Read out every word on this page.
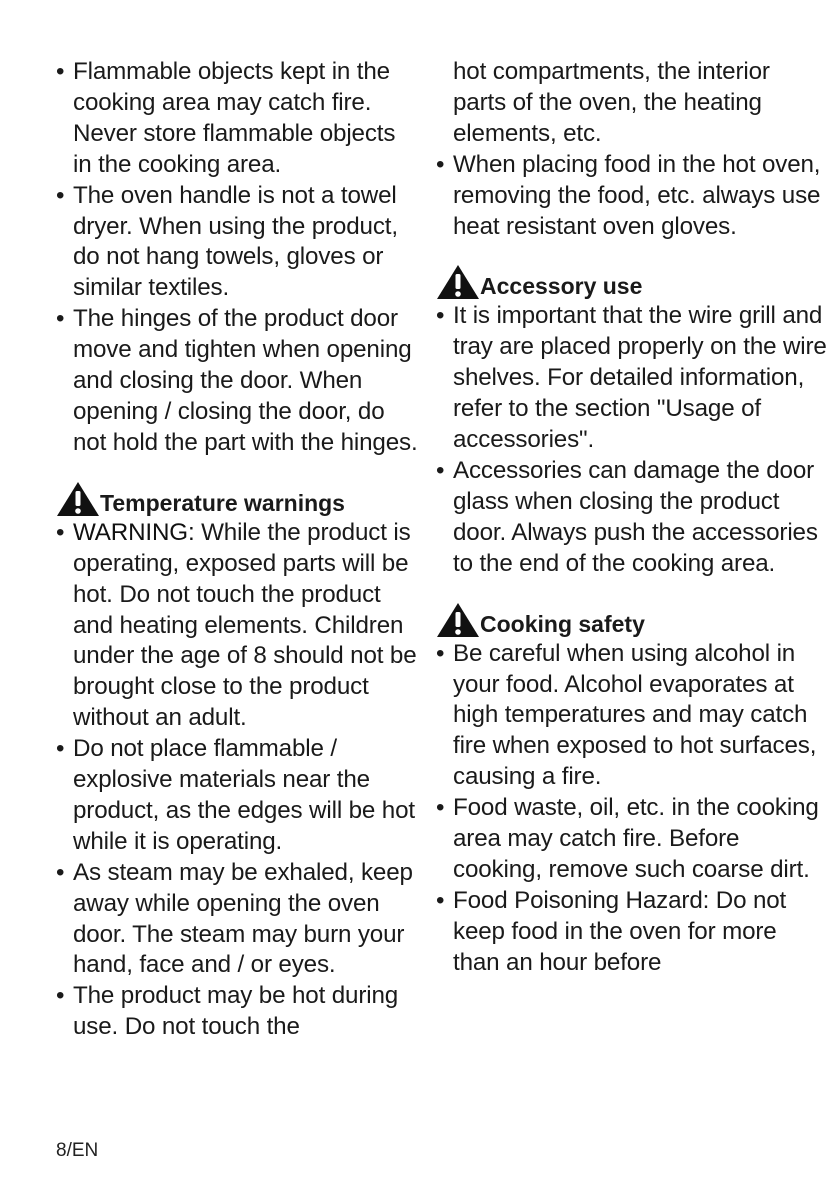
• Flammable objects kept in the cooking area may catch fire. Never store flammable objects in the cooking area.
• The oven handle is not a towel dryer. When using the product, do not hang towels, gloves or similar textiles.
• The hinges of the product door move and tighten when opening and closing the door. When opening / closing the door, do not hold the part with the hinges.
Temperature warnings
• WARNING: While the product is operating, exposed parts will be hot. Do not touch the product and heating elements. Children under the age of 8 should not be brought close to the product without an adult.
• Do not place flammable / explosive materials near the product, as the edges will be hot while it is operating.
• As steam may be exhaled, keep away while opening the oven door. The steam may burn your hand, face and / or eyes.
• The product may be hot during use. Do not touch the
hot compartments, the interior parts of the oven, the heating elements, etc.
• When placing food in the hot oven, removing the food, etc. always use heat resistant oven gloves.
Accessory use
• It is important that the wire grill and tray are placed properly on the wire shelves. For detailed information, refer to the section "Usage of accessories".
• Accessories can damage the door glass when closing the product door. Always push the accessories to the end of the cooking area.
Cooking safety
• Be careful when using alcohol in your food. Alcohol evaporates at high temperatures and may catch fire when exposed to hot surfaces, causing a fire.
• Food waste, oil, etc. in the cooking area may catch fire. Before cooking, remove such coarse dirt.
• Food Poisoning Hazard: Do not keep food in the oven for more than an hour before
8/EN
